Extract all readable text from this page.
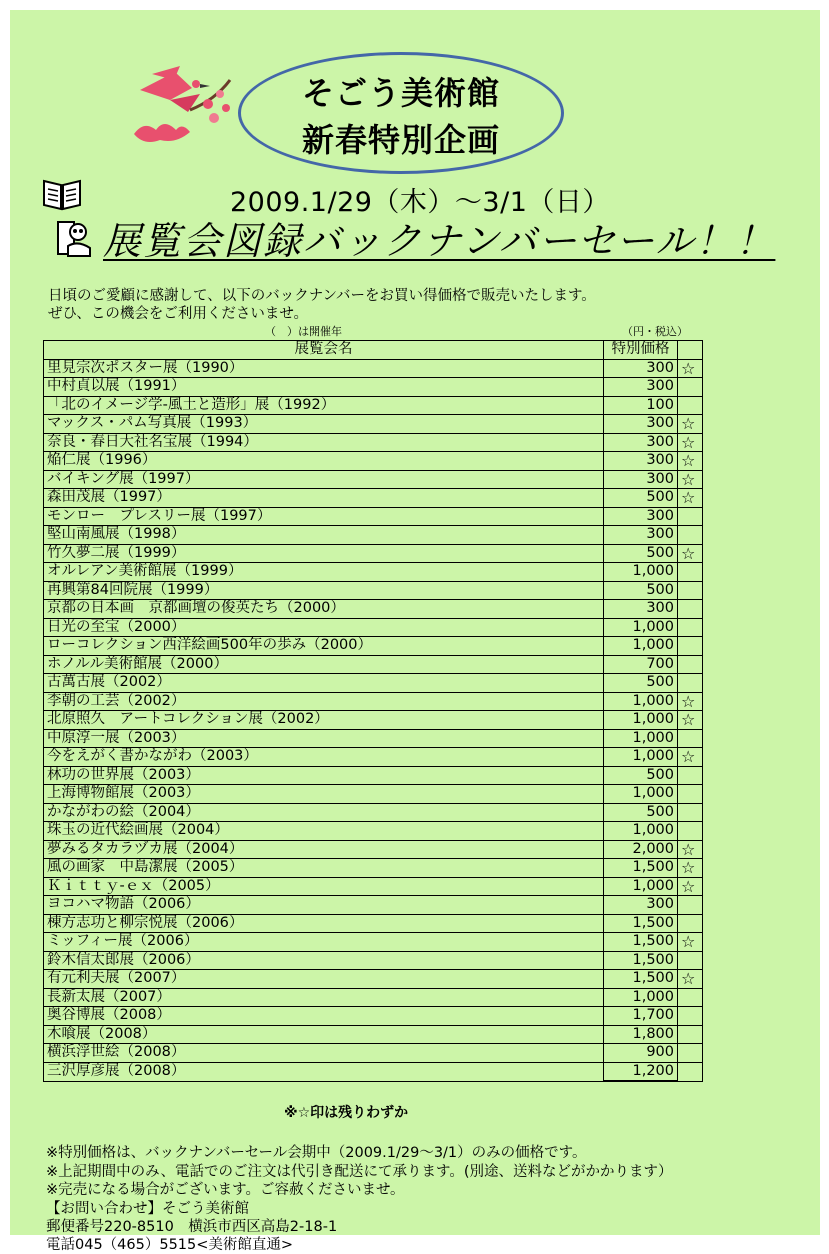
そごう美術館
新春特別企画
2009.1/29（木）～3/1（日）
展覧会図録バックナンバーセール！！
日頃のご愛顧に感謝して、以下のバックナンバーをお買い得価格で販売いたします。
ぜひ、この機会をご利用くださいませ。
（　）は開催年	（円・税込）
展覧会名	特別価格	
里見宗次ポスター展（1990）	300	☆
中村貞以展（1991）	300	
「北のイメージ学-風土と造形」展（1992）	100	
マックス・パム写真展（1993）	300	☆
奈良・春日大社名宝展（1994）	300	☆
焔仁展（1996）	300	☆
バイキング展（1997）	300	☆
森田茂展（1997）	500	☆
モンロー　プレスリー展（1997）	300	
堅山南風展（1998）	300	
竹久夢二展（1999）	500	☆
オルレアン美術館展（1999）	1,000	
再興第84回院展（1999）	500	
京都の日本画　京都画壇の俊英たち（2000）	300	
日光の至宝（2000）	1,000	
ローコレクション西洋絵画500年の歩み（2000）	1,000	
ホノルル美術館展（2000）	700	
古萬古展（2002）	500	
李朝の工芸（2002）	1,000	☆
北原照久　アートコレクション展（2002）	1,000	☆
中原淳一展（2003）	1,000	
今をえがく書かながわ（2003）	1,000	☆
林功の世界展（2003）	500	
上海博物館展（2003）	1,000	
かながわの絵（2004）	500	
珠玉の近代絵画展（2004）	1,000	
夢みるタカラヅカ展（2004）	2,000	☆
風の画家　中島潔展（2005）	1,500	☆
Ｋｉｔｔｙ-ｅｘ（2005）	1,000	☆
ヨコハマ物語（2006）	300	
棟方志功と柳宗悦展（2006）	1,500	
ミッフィー展（2006）	1,500	☆
鈴木信太郎展（2006）	1,500	
有元利夫展（2007）	1,500	☆
長新太展（2007）	1,000	
奥谷博展（2008）	1,700	
木喰展（2008）	1,800	
横浜浮世絵（2008）	900	
三沢厚彦展（2008）	1,200	
※☆印は残りわずか
※特別価格は、バックナンバーセール会期中（2009.1/29～3/1）のみの価格です。
※上記期間中のみ、電話でのご注文は代引き配送にて承ります。(別途、送料などがかかります）
※完売になる場合がございます。ご容赦くださいませ。
【お問い合わせ】そごう美術館
郵便番号220-8510　横浜市西区高島2-18-1
電話045（465）5515<美術館直通>
